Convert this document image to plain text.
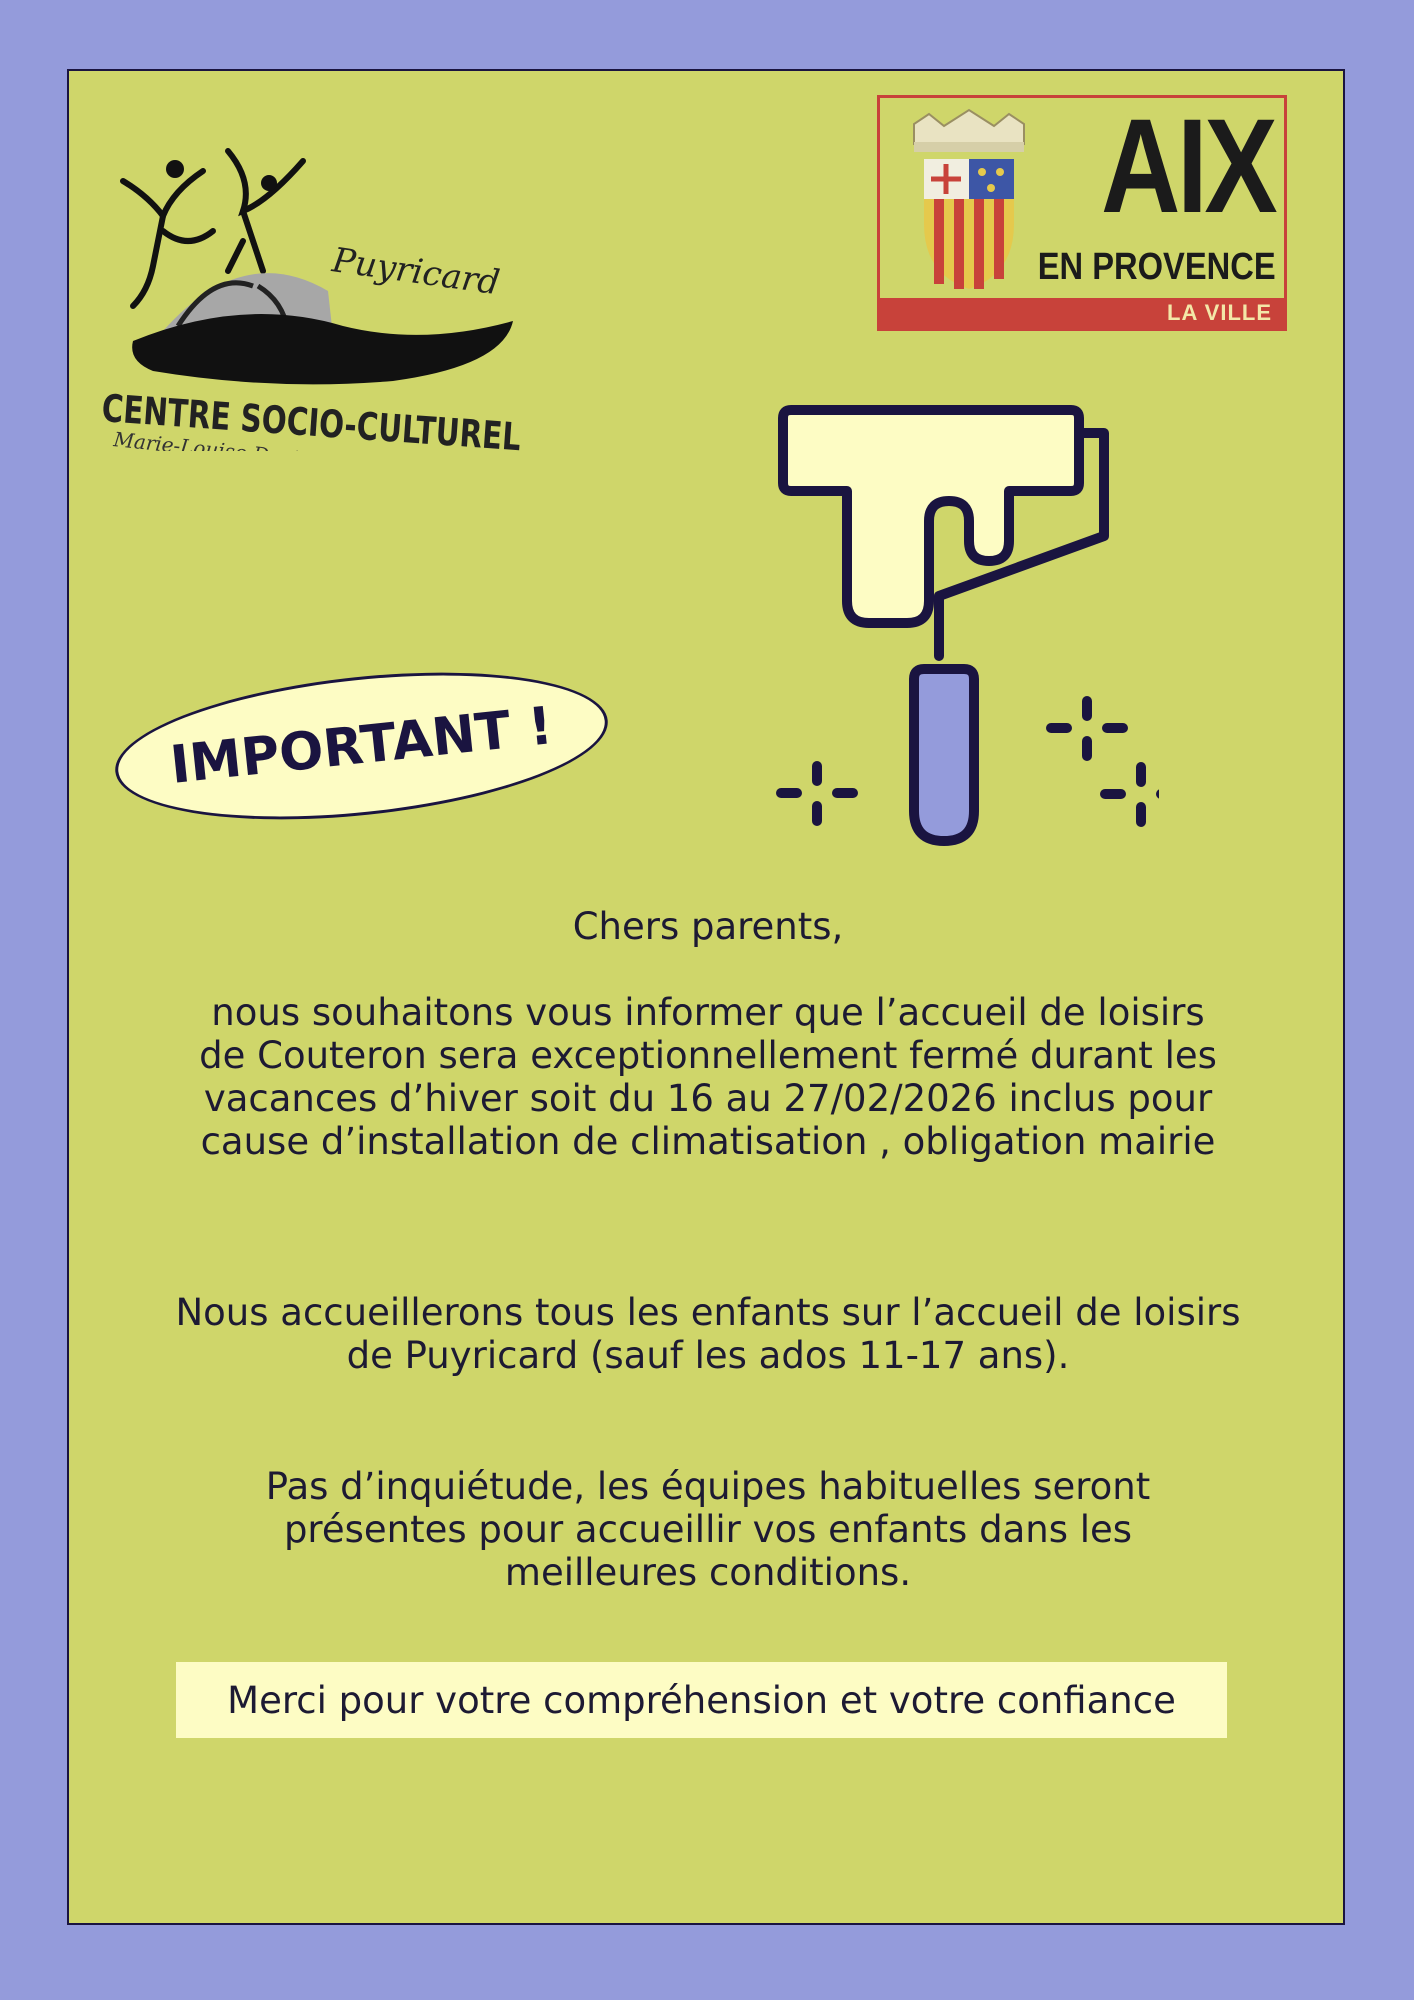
Puyricard
CENTRE SOCIO-CULTUREL
Marie-Louise Davin
AIX
EN PROVENCE
LA VILLE
IMPORTANT !

Chers parents,

nous souhaitons vous informer que l’accueil de loisirs de Couteron sera exceptionnellement fermé durant les vacances d’hiver soit du 16 au 27/02/2026 inclus pour cause d’installation de climatisation , obligation mairie

Nous accueillerons tous les enfants sur l’accueil de loisirs de Puyricard (sauf les ados 11-17 ans).

Pas d’inquiétude, les équipes habituelles seront présentes pour accueillir vos enfants dans les meilleures conditions.

Merci pour votre compréhension et votre confiance
